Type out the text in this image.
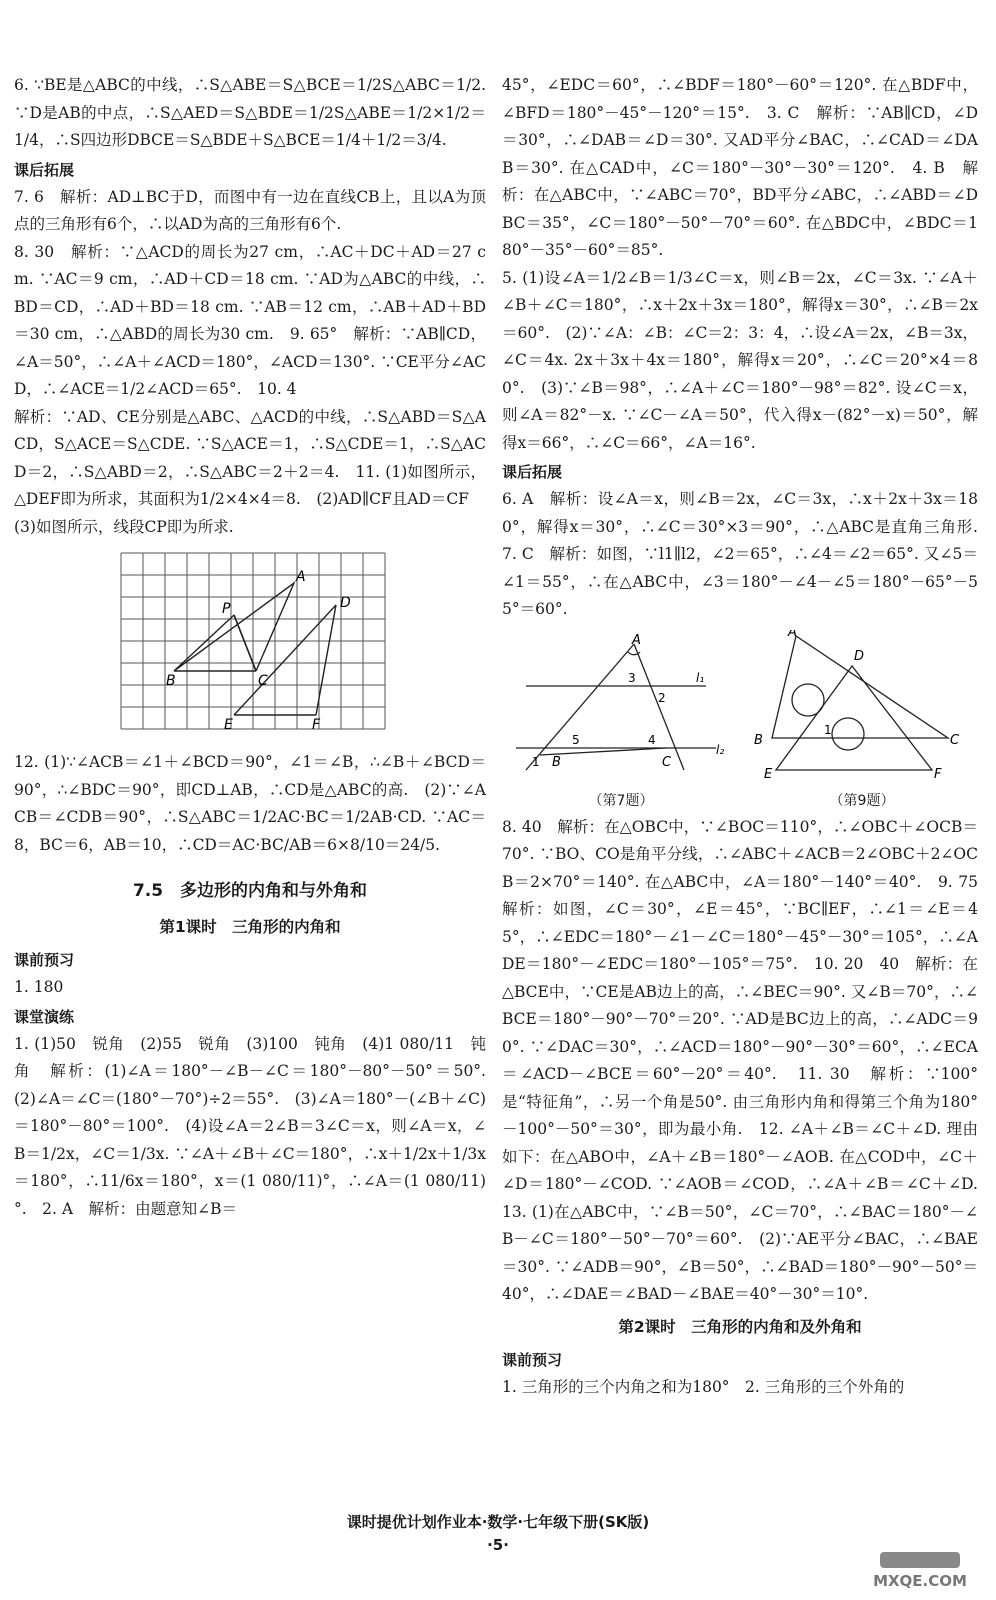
6. ∵BE是△ABC的中线，∴S△ABE＝S△BCE＝1/2S△ABC＝1/2. ∵D是AB的中点，∴S△AED＝S△BDE＝1/2S△ABE＝1/2×1/2＝1/4，∴S四边形DBCE＝S△BDE＋S△BCE＝1/4＋1/2＝3/4.

课后拓展

7. 6　解析：AD⊥BC于D，而图中有一边在直线CB上，且以A为顶点的三角形有6个，∴以AD为高的三角形有6个.

8. 30　解析：∵△ACD的周长为27 cm，∴AC＋DC＋AD＝27 cm. ∵AC＝9 cm，∴AD＋CD＝18 cm. ∵AD为△ABC的中线，∴BD＝CD，∴AD＋BD＝18 cm. ∵AB＝12 cm，∴AB＋AD＋BD＝30 cm，∴△ABD的周长为30 cm.　9. 65°　解析：∵AB∥CD，∠A＝50°，∴∠A＋∠ACD＝180°，∠ACD＝130°. ∵CE平分∠ACD，∴∠ACE＝1/2∠ACD＝65°.　10. 4

解析：∵AD、CE分别是△ABC、△ACD的中线，∴S△ABD＝S△ACD，S△ACE＝S△CDE. ∵S△ACE＝1，∴S△CDE＝1，∴S△ACD＝2，∴S△ABD＝2，∴S△ABC＝2＋2＝4.　11. (1)如图所示，△DEF即为所求，其面积为1/2×4×4＝8.　(2)AD∥CF且AD＝CF

(3)如图所示，线段CP即为所求.

A
P	D
B	C
E	F

12. (1)∵∠ACB＝∠1＋∠BCD＝90°，∠1＝∠B，∴∠B＋∠BCD＝90°，∴∠BDC＝90°，即CD⊥AB，∴CD是△ABC的高.　(2)∵∠ACB＝∠CDB＝90°，∴S△ABC＝1/2AC·BC＝1/2AB·CD. ∵AC＝8，BC＝6，AB＝10，∴CD＝AC·BC/AB＝6×8/10＝24/5.

7.5　多边形的内角和与外角和
第1课时　三角形的内角和
课前预习

1. 180

课堂演练

1. (1)50　锐角　(2)55　锐角　(3)100　钝角　(4)1 080/11　钝角　解析：(1)∠A＝180°－∠B－∠C＝180°－80°－50°＝50°.　(2)∠A＝∠C＝(180°－70°)÷2＝55°.　(3)∠A＝180°－(∠B＋∠C)＝180°－80°＝100°.　(4)设∠A＝2∠B＝3∠C＝x，则∠A＝x，∠B＝1/2x，∠C＝1/3x. ∵∠A＋∠B＋∠C＝180°，∴x＋1/2x＋1/3x＝180°，∴11/6x＝180°，x＝(1 080/11)°，∴∠A＝(1 080/11)°.　2. A　解析：由题意知∠B＝

45°，∠EDC＝60°，∴∠BDF＝180°－60°＝120°. 在△BDF中，∠BFD＝180°－45°－120°＝15°.　3. C　解析：∵AB∥CD，∠D＝30°，∴∠DAB＝∠D＝30°. 又AD平分∠BAC，∴∠CAD＝∠DAB＝30°. 在△CAD中，∠C＝180°－30°－30°＝120°.　4. B　解析：在△ABC中，∵∠ABC＝70°，BD平分∠ABC，∴∠ABD＝∠DBC＝35°，∠C＝180°－50°－70°＝60°. 在△BDC中，∠BDC＝180°－35°－60°＝85°.

5. (1)设∠A＝1/2∠B＝1/3∠C＝x，则∠B＝2x，∠C＝3x. ∵∠A＋∠B＋∠C＝180°，∴x＋2x＋3x＝180°，解得x＝30°，∴∠B＝2x＝60°.　(2)∵∠A：∠B：∠C＝2：3：4，∴设∠A＝2x，∠B＝3x，∠C＝4x. 2x＋3x＋4x＝180°，解得x＝20°，∴∠C＝20°×4＝80°.　(3)∵∠B＝98°，∴∠A＋∠C＝180°－98°＝82°. 设∠C＝x，则∠A＝82°－x. ∵∠C－∠A＝50°，代入得x－(82°－x)＝50°，解得x＝66°，∴∠C＝66°，∠A＝16°.

课后拓展

6. A　解析：设∠A＝x，则∠B＝2x，∠C＝3x，∴x＋2x＋3x＝180°，解得x＝30°，∴∠C＝30°×3＝90°，∴△ABC是直角三角形.　7. C　解析：如图，∵l1∥l2，∠2＝65°，∴∠4＝∠2＝65°. 又∠5＝∠1＝55°，∴在△ABC中，∠3＝180°－∠4－∠5＝180°－65°－55°＝60°.

A
3
2
l₁
l₂
5	4
1 B	C
（第7题）
A
D
B	C
1
E	F
（第9题）

8. 40　解析：在△OBC中，∵∠BOC＝110°，∴∠OBC＋∠OCB＝70°. ∵BO、CO是角平分线，∴∠ABC＋∠ACB＝2∠OBC＋2∠OCB＝2×70°＝140°. 在△ABC中，∠A＝180°－140°＝40°.　9. 75　解析：如图，∠C＝30°，∠E＝45°，∵BC∥EF，∴∠1＝∠E＝45°，∴∠EDC＝180°－∠1－∠C＝180°－45°－30°＝105°，∴∠ADE＝180°－∠EDC＝180°－105°＝75°.　10. 20　40　解析：在△BCE中，∵CE是AB边上的高，∴∠BEC＝90°. 又∠B＝70°，∴∠BCE＝180°－90°－70°＝20°. ∵AD是BC边上的高，∴∠ADC＝90°. ∵∠DAC＝30°，∴∠ACD＝180°－90°－30°＝60°，∴∠ECA＝∠ACD－∠BCE＝60°－20°＝40°.　11. 30　解析：∵100°是“特征角”，∴另一个角是50°. 由三角形内角和得第三个角为180°－100°－50°＝30°，即为最小角.　12. ∠A＋∠B＝∠C＋∠D. 理由如下：在△ABO中，∠A＋∠B＝180°－∠AOB. 在△COD中，∠C＋∠D＝180°－∠COD. ∵∠AOB＝∠COD，∴∠A＋∠B＝∠C＋∠D.　13. (1)在△ABC中，∵∠B＝50°，∠C＝70°，∴∠BAC＝180°－∠B－∠C＝180°－50°－70°＝60°.　(2)∵AE平分∠BAC，∴∠BAE＝30°. ∵∠ADB＝90°，∠B＝50°，∴∠BAD＝180°－90°－50°＝40°，∴∠DAE＝∠BAD－∠BAE＝40°－30°＝10°.

第2课时　三角形的内角和及外角和
课前预习

1. 三角形的三个内角之和为180°　2. 三角形的三个外角的

课时提优计划作业本·数学·七年级下册(SK版)
·5·
MXQE.COM
